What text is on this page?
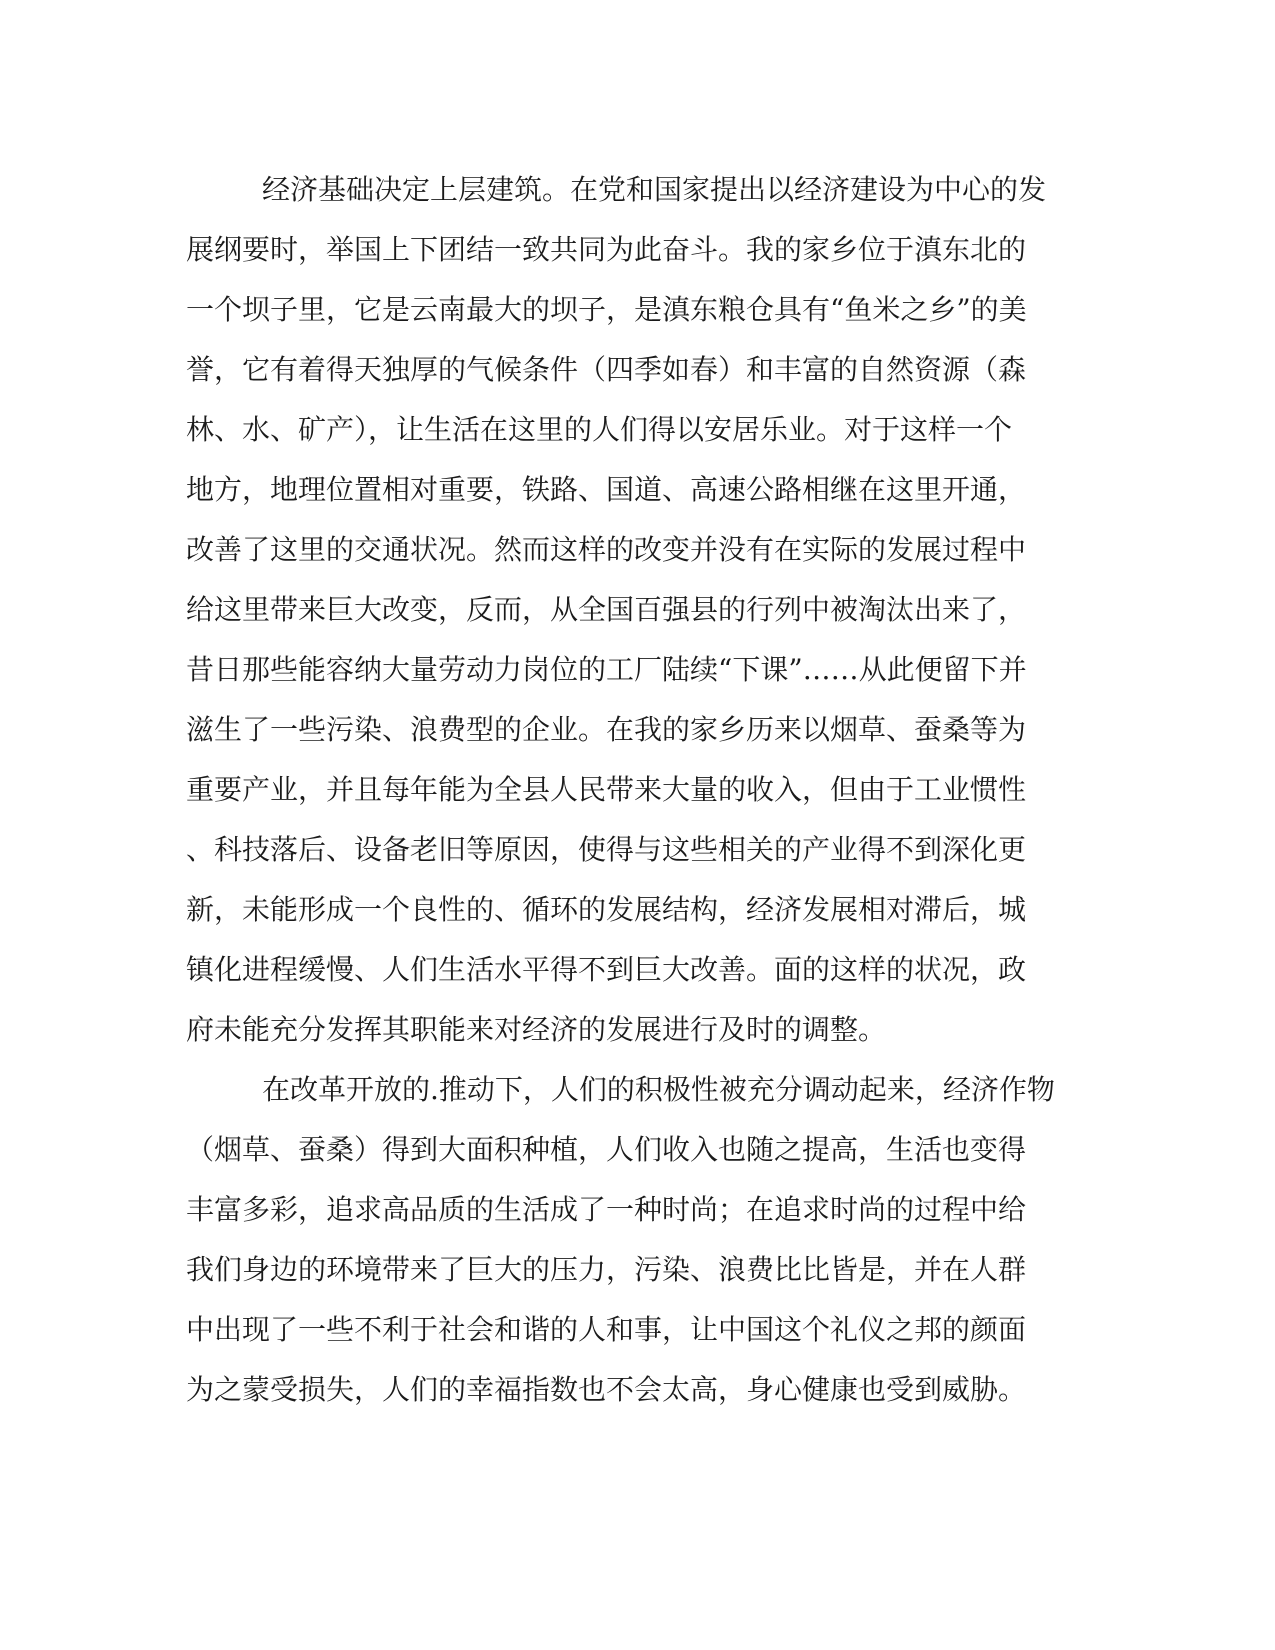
经济基础决定上层建筑。在党和国家提出以经济建设为中心的发
展纲要时，举国上下团结一致共同为此奋斗。我的家乡位于滇东北的
一个坝子里，它是云南最大的坝子，是滇东粮仓具有“鱼米之乡”的美
誉，它有着得天独厚的气候条件（四季如春）和丰富的自然资源（森
林、水、矿产），让生活在这里的人们得以安居乐业。对于这样一个
地方，地理位置相对重要，铁路、国道、高速公路相继在这里开通，
改善了这里的交通状况。然而这样的改变并没有在实际的发展过程中
给这里带来巨大改变，反而，从全国百强县的行列中被淘汰出来了，
昔日那些能容纳大量劳动力岗位的工厂陆续“下课”……从此便留下并
滋生了一些污染、浪费型的企业。在我的家乡历来以烟草、蚕桑等为
重要产业，并且每年能为全县人民带来大量的收入，但由于工业惯性
、科技落后、设备老旧等原因，使得与这些相关的产业得不到深化更
新，未能形成一个良性的、循环的发展结构，经济发展相对滞后，城
镇化进程缓慢、人们生活水平得不到巨大改善。面的这样的状况，政
府未能充分发挥其职能来对经济的发展进行及时的调整。
在改革开放的.推动下，人们的积极性被充分调动起来，经济作物
（烟草、蚕桑）得到大面积种植，人们收入也随之提高，生活也变得
丰富多彩，追求高品质的生活成了一种时尚；在追求时尚的过程中给
我们身边的环境带来了巨大的压力，污染、浪费比比皆是，并在人群
中出现了一些不利于社会和谐的人和事，让中国这个礼仪之邦的颜面
为之蒙受损失，人们的幸福指数也不会太高，身心健康也受到威胁。
